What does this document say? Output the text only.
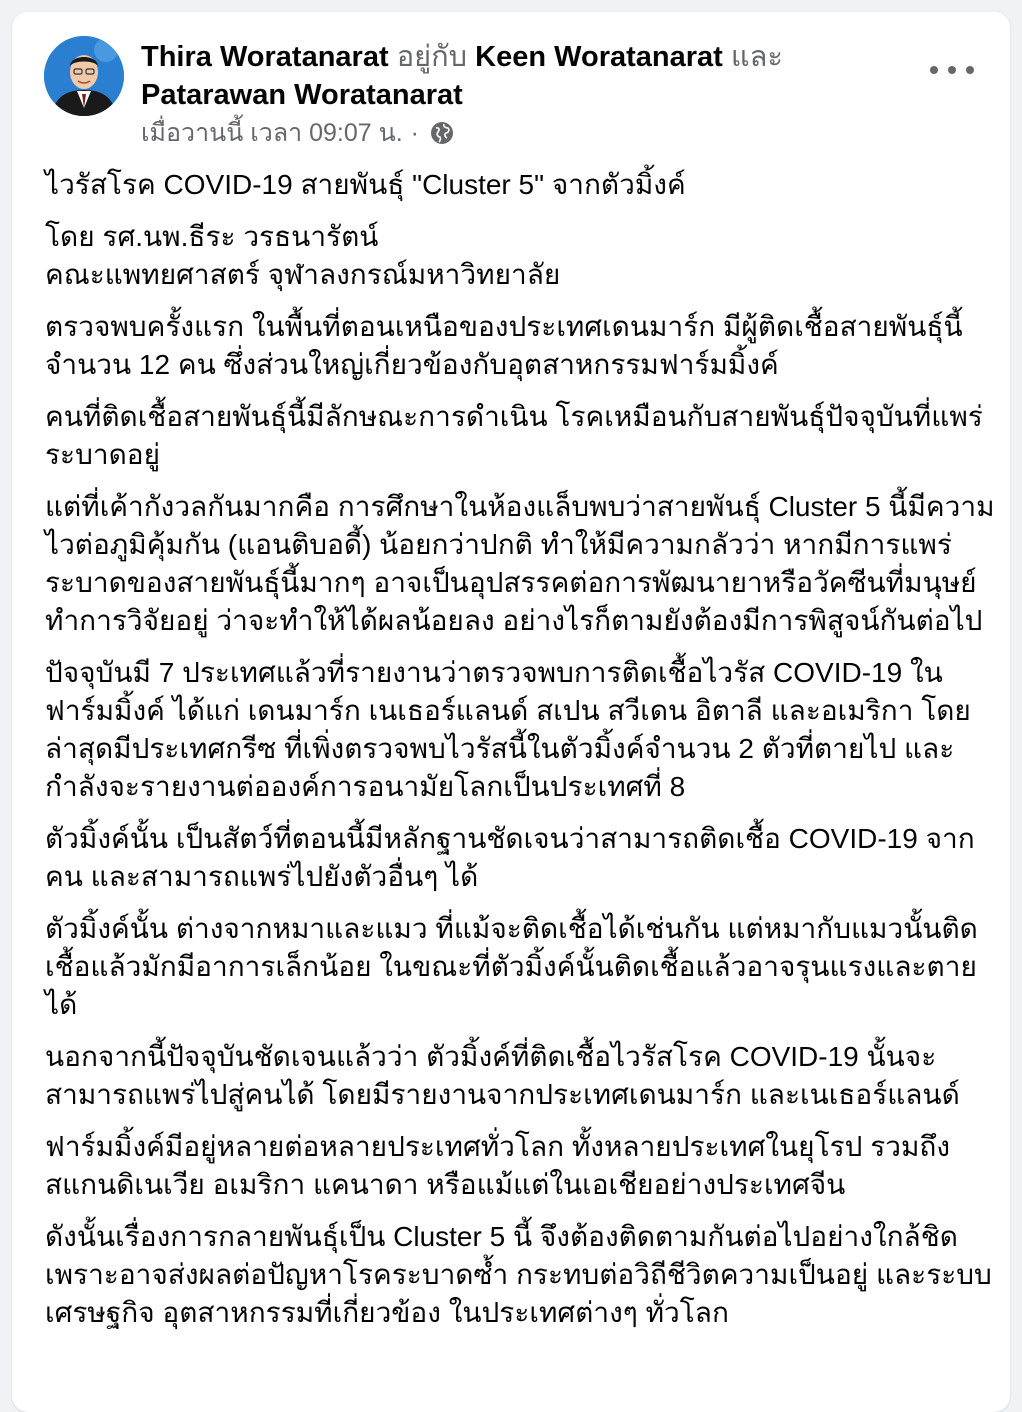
Thira Woratanarat อยู่กับ Keen Woratanarat และ Patarawan Woratanarat
เมื่อวานนี้ เวลา 09:07 น. ·

ไวรัสโรค COVID-19 สายพันธุ์ "Cluster 5" จากตัวมิ้งค์

โดย รศ.นพ.ธีระ วรธนารัตน์
คณะแพทยศาสตร์ จุฬาลงกรณ์มหาวิทยาลัย

ตรวจพบครั้งแรก ในพื้นที่ตอนเหนือของประเทศเดนมาร์ก มีผู้ติดเชื้อสายพันธุ์นี้จำนวน 12 คน ซึ่งส่วนใหญ่เกี่ยวข้องกับอุตสาหกรรมฟาร์มมิ้งค์

คนที่ติดเชื้อสายพันธุ์นี้มีลักษณะการดำเนิน โรคเหมือนกับสายพันธุ์ปัจจุบันที่แพร่ระบาดอยู่

แต่ที่เค้ากังวลกันมากคือ การศึกษาในห้องแล็บพบว่าสายพันธุ์ Cluster 5 นี้มีความไวต่อภูมิคุ้มกัน (แอนติบอดี้) น้อยกว่าปกติ ทำให้มีความกลัวว่า หากมีการแพร่ระบาดของสายพันธุ์นี้มากๆ อาจเป็นอุปสรรคต่อการพัฒนายาหรือวัคซีนที่มนุษย์ทำการวิจัยอยู่ ว่าจะทำให้ได้ผลน้อยลง อย่างไรก็ตามยังต้องมีการพิสูจน์กันต่อไป

ปัจจุบันมี 7 ประเทศแล้วที่รายงานว่าตรวจพบการติดเชื้อไวรัส COVID-19 ในฟาร์มมิ้งค์ ได้แก่ เดนมาร์ก เนเธอร์แลนด์ สเปน สวีเดน อิตาลี และอเมริกา โดยล่าสุดมีประเทศกรีซ ที่เพิ่งตรวจพบไวรัสนี้ในตัวมิ้งค์จำนวน 2 ตัวที่ตายไป และกำลังจะรายงานต่อองค์การอนามัยโลกเป็นประเทศที่ 8

ตัวมิ้งค์นั้น เป็นสัตว์ที่ตอนนี้มีหลักฐานชัดเจนว่าสามารถติดเชื้อ COVID-19 จากคน และสามารถแพร่ไปยังตัวอื่นๆ ได้

ตัวมิ้งค์นั้น ต่างจากหมาและแมว ที่แม้จะติดเชื้อได้เช่นกัน แต่หมากับแมวนั้นติดเชื้อแล้วมักมีอาการเล็กน้อย ในขณะที่ตัวมิ้งค์นั้นติดเชื้อแล้วอาจรุนแรงและตายได้

นอกจากนี้ปัจจุบันชัดเจนแล้วว่า ตัวมิ้งค์ที่ติดเชื้อไวรัสโรค COVID-19 นั้นจะสามารถแพร่ไปสู่คนได้ โดยมีรายงานจากประเทศเดนมาร์ก และเนเธอร์แลนด์

ฟาร์มมิ้งค์มีอยู่หลายต่อหลายประเทศทั่วโลก ทั้งหลายประเทศในยุโรป รวมถึงสแกนดิเนเวีย อเมริกา แคนาดา หรือแม้แต่ในเอเชียอย่างประเทศจีน

ดังนั้นเรื่องการกลายพันธุ์เป็น Cluster 5 นี้ จึงต้องติดตามกันต่อไปอย่างใกล้ชิด เพราะอาจส่งผลต่อปัญหาโรคระบาดซ้ำ กระทบต่อวิถีชีวิตความเป็นอยู่ และระบบเศรษฐกิจ อุตสาหกรรมที่เกี่ยวข้อง ในประเทศต่างๆ ทั่วโลก
